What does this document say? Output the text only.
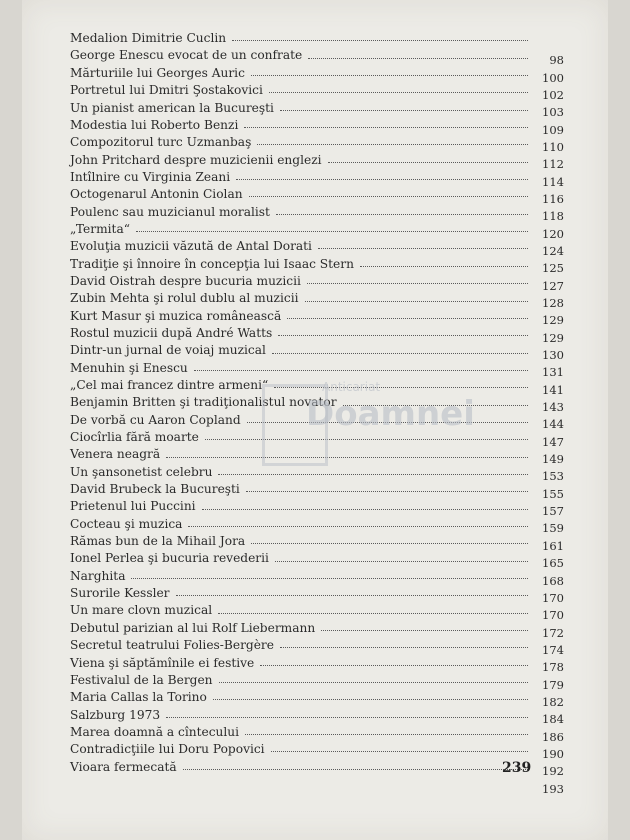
Medalion Dimitrie Cuclin
George Enescu evocat de un confrate	98
Mărturiile lui Georges Auric	100
Portretul lui Dmitri Şostakovici	102
Un pianist american la Bucureşti	103
Modestia lui Roberto Benzi	109
Compozitorul turc Uzmanbaş	110
John Pritchard despre muzicienii englezi	112
Intîlnire cu Virginia Zeani	114
Octogenarul Antonin Ciolan	116
Poulenc sau muzicianul moralist	118
„Termita“	120
Evoluţia muzicii văzută de Antal Dorati	124
Tradiţie şi înnoire în concepţia lui Isaac Stern	125
David Oistrah despre bucuria muzicii	127
Zubin Mehta şi rolul dublu al muzicii	128
Kurt Masur şi muzica românească	129
Rostul muzicii după André Watts	129
Dintr-un jurnal de voiaj muzical	130
Menuhin şi Enescu	131
„Cel mai francez dintre armeni“	141
Benjamin Britten şi tradiţionalistul novator	143
De vorbă cu Aaron Copland	144
Ciocîrlia fără moarte	147
Venera neagră	149
Un şansonetist celebru	153
David Brubeck la Bucureşti	155
Prietenul lui Puccini	157
Cocteau şi muzica	159
Rămas bun de la Mihail Jora	161
Ionel Perlea şi bucuria revederii	165
Narghita	168
Surorile Kessler	170
Un mare clovn muzical	170
Debutul parizian al lui Rolf Liebermann	172
Secretul teatrului Folies-Bergère	174
Viena şi săptămînile ei festive	178
Festivalul de la Bergen	179
Maria Callas la Torino	182
Salzburg 1973	184
Marea doamnă a cîntecului	186
Contradicţiile lui Doru Popovici	190
Vioara fermecată	192
193
239
Anticariat
Doamnei
